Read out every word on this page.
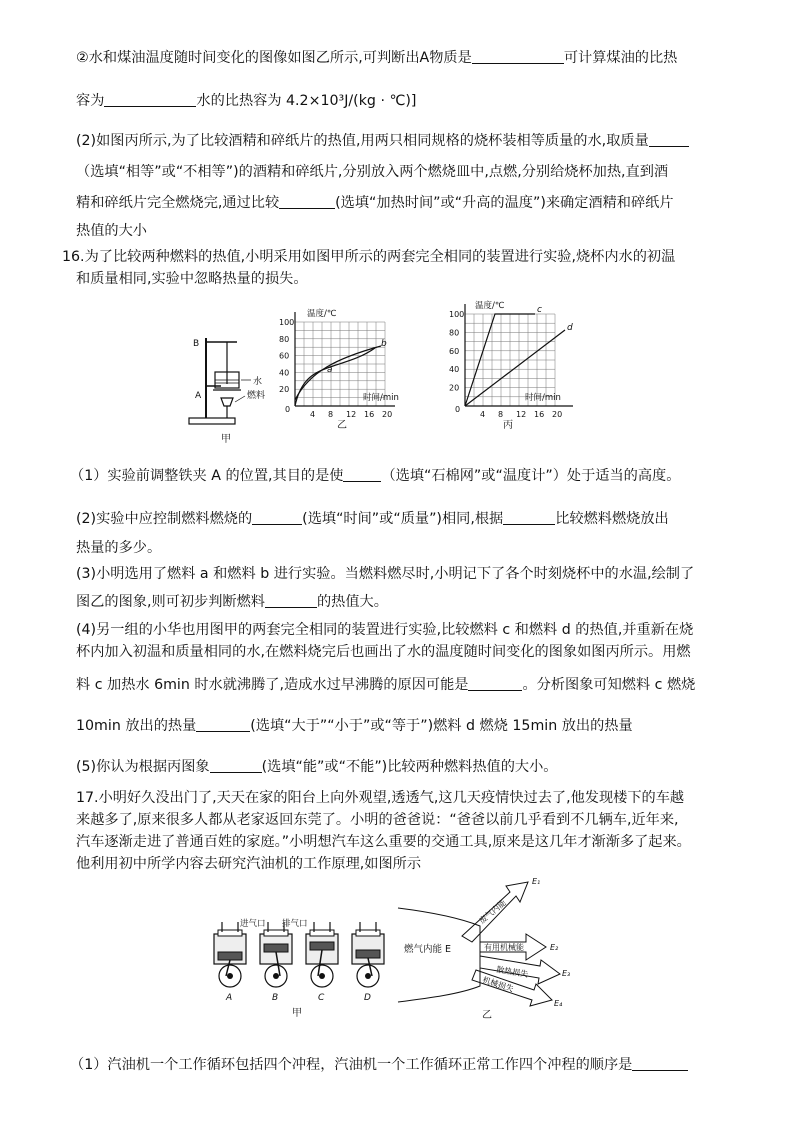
②水和煤油温度随时间变化的图像如图乙所示,可判断出A物质是	可计算煤油的比热
容为	水的比热容为 4.2×10³J/(kg · ℃)]
(2)如图丙所示,为了比较酒精和碎纸片的热值,用两只相同规格的烧杯装相等质量的水,取质量
（选填“相等”或“不相等”)的酒精和碎纸片,分别放入两个燃烧皿中,点燃,分别给烧杯加热,直到酒
精和碎纸片完全燃烧完,通过比较	(选填“加热时间”或“升高的温度”)来确定酒精和碎纸片
热值的大小
16.为了比较两种燃料的热值,小明采用如图甲所示的两套完全相同的装置进行实验,烧杯内水的初温
和质量相同,实验中忽略热量的损失。
B
A
水
燃料
甲
a
b
温度/℃
时间/min
0
100
80
60
40
20
4 8 12 16 20
乙
c
d
温度/℃
时间/min
0
100
80
60
40
20
4 8 12 16 20
丙
（1）实验前调整铁夹 A 的位置,其目的是使	（选填“石棉网”或“温度计”）处于适当的高度。
(2)实验中应控制燃料燃烧的	(选填“时间”或“质量”)相同,根据	比较燃料燃烧放出
热量的多少。
(3)小明选用了燃料 a 和燃料 b 进行实验。当燃料燃尽时,小明记下了各个时刻烧杯中的水温,绘制了
图乙的图象,则可初步判断燃料	的热值大。
(4)另一组的小华也用图甲的两套完全相同的装置进行实验,比较燃料 c 和燃料 d 的热值,并重新在烧
杯内加入初温和质量相同的水,在燃料烧完后也画出了水的温度随时间变化的图象如图丙所示。用燃
料 c 加热水 6min 时水就沸腾了,造成水过早沸腾的原因可能是	。分析图象可知燃料 c 燃烧
10min 放出的热量	(选填“大于”“小于”或“等于”)燃料 d 燃烧 15min 放出的热量
(5)你认为根据丙图象	(选填“能”或“不能”)比较两种燃料热值的大小。
17.小明好久没出门了,天天在家的阳台上向外观望,透透气,这几天疫情快过去了,他发现楼下的车越
来越多了,原来很多人都从老家返回东莞了。小明的爸爸说：“爸爸以前几乎看到不几辆车,近年来,
汽车逐渐走进了普通百姓的家庭。”小明想汽车这么重要的交通工具,原来是这几年才渐渐多了起来。
他利用初中所学内容去研究汽油机的工作原理,如图所示
进气口 排气口
A	B	C	D
甲
燃气内能 E
废气内能
有用机械能
散热损失
机械损失
E₁
E₂
E₃
E₄
乙
（1）汽油机一个工作循环包括四个冲程，汽油机一个工作循环正常工作四个冲程的顺序是
